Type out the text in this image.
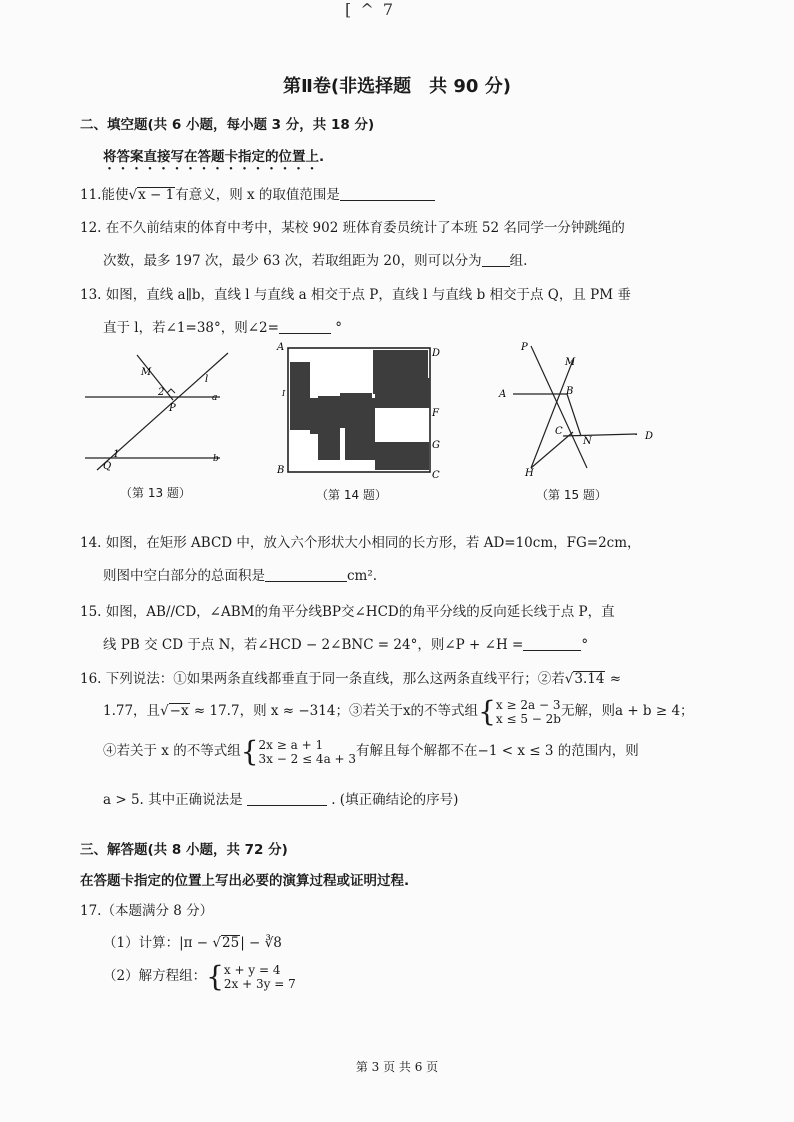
[ ^ 7
第Ⅱ卷(非选择题　共 90 分)
二、填空题(共 6 小题，每小题 3 分，共 18 分)
将答案直接写在答题卡指定的位置上.
11.能使√x − 1有意义，则 x 的取值范围是
12. 在不久前结束的体育中考中，某校 902 班体育委员统计了本班 52 名同学一分钟跳绳的
次数，最多 197 次，最少 63 次，若取组距为 20，则可以分为 组.
13. 如图，直线 a∥b，直线 l 与直线 a 相交于点 P，直线 l 与直线 b 相交于点 Q，且 PM 垂
直于 l，若∠1=38°，则∠2=	°
M
l
2
P
a
1
Q
b
（第 13 题）
A
D
I
F
G
B	C
（第 14 题）
P
M
A	B
C
N	D
H
（第 15 题）
14. 如图，在矩形 ABCD 中，放入六个形状大小相同的长方形，若 AD=10cm，FG=2cm，
则图中空白部分的总面积是	cm².
15. 如图，AB//CD，∠ABM的角平分线BP交∠HCD的角平分线的反向延长线于点 P，直
线 PB 交 CD 于点 N，若∠HCD − 2∠BNC = 24°，则∠P + ∠H =	°
16. 下列说法：①如果两条直线都垂直于同一条直线，那么这两条直线平行；②若√3.14 ≈
1.77，且√−x ≈ 17.7，则 x ≈ −314；③若关于x的不等式组{ x ≥ 2a − 3
x ≤ 5 − 2b 无解，则a + b ≥ 4；
④若关于 x 的不等式组{ 2x ≥ a + 1
3x − 2 ≤ 4a + 3 有解且每个解都不在−1 < x ≤ 3 的范围内，则
a > 5. 其中正确说法是	. (填正确结论的序号)
三、解答题(共 8 小题，共 72 分)
在答题卡指定的位置上写出必要的演算过程或证明过程.
17.（本题满分 8 分）
（1）计算：|π − √25| − ∛8
（2）解方程组：{ x + y = 4
2x + 3y = 7
第 3 页 共 6 页
